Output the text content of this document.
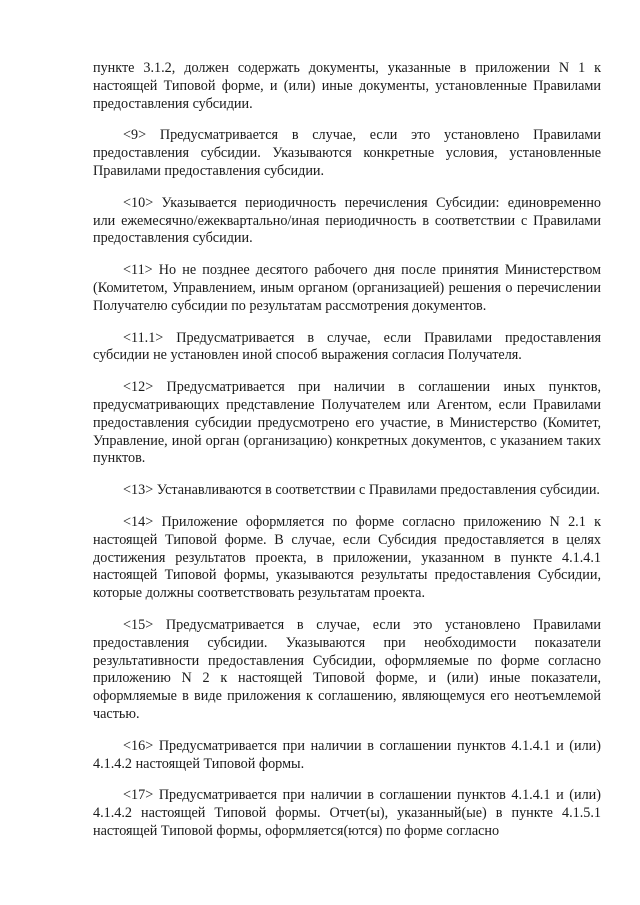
пункте 3.1.2, должен содержать документы, указанные в приложении N 1 к настоящей Типовой форме, и (или) иные документы, установленные Правилами предоставления субсидии.

<9> Предусматривается в случае, если это установлено Правилами предоставления субсидии. Указываются конкретные условия, установленные Правилами предоставления субсидии.

<10> Указывается периодичность перечисления Субсидии: единовременно или ежемесячно/ежеквартально/иная периодичность в соответствии с Правилами предоставления субсидии.

<11> Но не позднее десятого рабочего дня после принятия Министерством (Комитетом, Управлением, иным органом (организацией) решения о перечислении Получателю субсидии по результатам рассмотрения документов.

<11.1> Предусматривается в случае, если Правилами предоставления субсидии не установлен иной способ выражения согласия Получателя.

<12> Предусматривается при наличии в соглашении иных пунктов, предусматривающих представление Получателем или Агентом, если Правилами предоставления субсидии предусмотрено его участие, в Министерство (Комитет, Управление, иной орган (организацию) конкретных документов, с указанием таких пунктов.

<13> Устанавливаются в соответствии с Правилами предоставления субсидии.

<14> Приложение оформляется по форме согласно приложению N 2.1 к настоящей Типовой форме. В случае, если Субсидия предоставляется в целях достижения результатов проекта, в приложении, указанном в пункте 4.1.4.1 настоящей Типовой формы, указываются результаты предоставления Субсидии, которые должны соответствовать результатам проекта.

<15> Предусматривается в случае, если это установлено Правилами предоставления субсидии. Указываются при необходимости показатели результативности предоставления Субсидии, оформляемые по форме согласно приложению N 2 к настоящей Типовой форме, и (или) иные показатели, оформляемые в виде приложения к соглашению, являющемуся его неотъемлемой частью.

<16> Предусматривается при наличии в соглашении пунктов 4.1.4.1 и (или) 4.1.4.2 настоящей Типовой формы.

<17> Предусматривается при наличии в соглашении пунктов 4.1.4.1 и (или) 4.1.4.2 настоящей Типовой формы. Отчет(ы), указанный(ые) в пункте 4.1.5.1 настоящей Типовой формы, оформляется(ются) по форме согласно
